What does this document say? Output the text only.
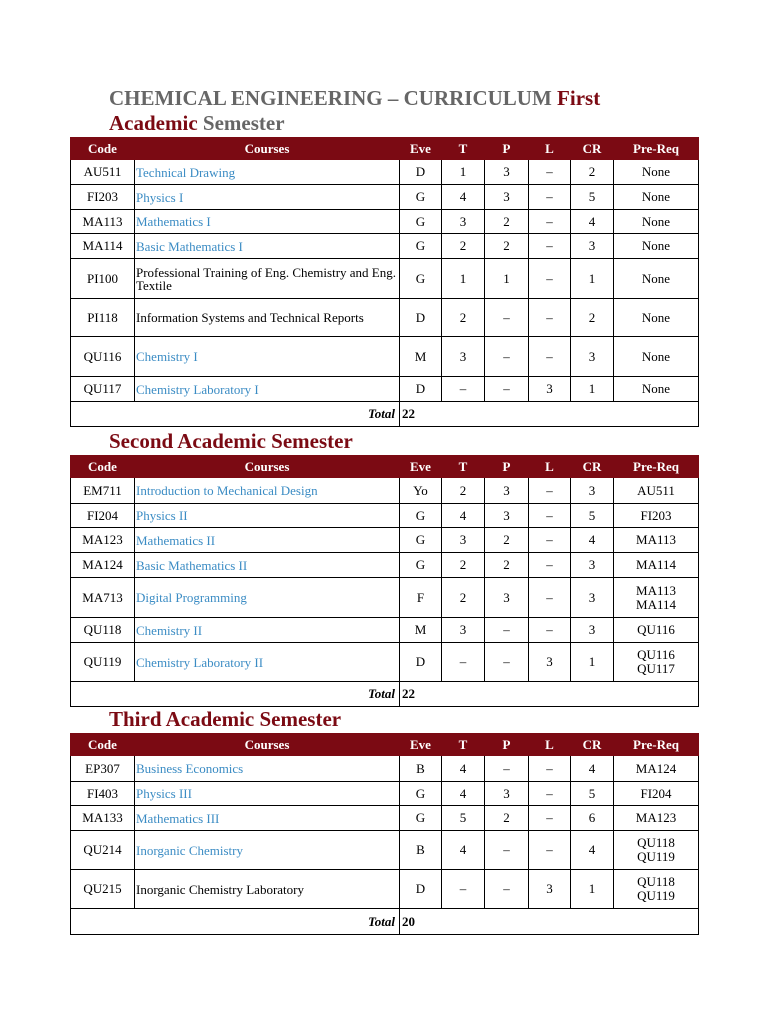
CHEMICAL ENGINEERING – CURRICULUM First
Academic Semester
Code	Courses	Eve	T	P	L	CR	Pre-Req
AU511	Technical Drawing	D	1	3	–	2	None
FI203	Physics I	G	4	3	–	5	None
MA113	Mathematics I	G	3	2	–	4	None
MA114	Basic Mathematics I	G	2	2	–	3	None
PI100	Professional Training of Eng. Chemistry and Eng. Textile	G	1	1	–	1	None
PI118	Information Systems and Technical Reports	D	2	–	–	2	None
QU116	Chemistry I	M	3	–	–	3	None
QU117	Chemistry Laboratory I	D	–	–	3	1	None
Total		22					
Second Academic Semester
Code	Courses	Eve	T	P	L	CR	Pre-Req
EM711	Introduction to Mechanical Design	Yo	2	3	–	3	AU511
FI204	Physics II	G	4	3	–	5	FI203
MA123	Mathematics II	G	3	2	–	4	MA113
MA124	Basic Mathematics II	G	2	2	–	3	MA114
MA713	Digital Programming	F	2	3	–	3	MA113
MA114
QU118	Chemistry II	M	3	–	–	3	QU116
QU119	Chemistry Laboratory II	D	–	–	3	1	QU116
QU117
Total		22					
Third Academic Semester
Code	Courses	Eve	T	P	L	CR	Pre-Req
EP307	Business Economics	B	4	–	–	4	MA124
FI403	Physics III	G	4	3	–	5	FI204
MA133	Mathematics III	G	5	2	–	6	MA123
QU214	Inorganic Chemistry	B	4	–	–	4	QU118
QU119
QU215	Inorganic Chemistry Laboratory	D	–	–	3	1	QU118
QU119
Total		20					
